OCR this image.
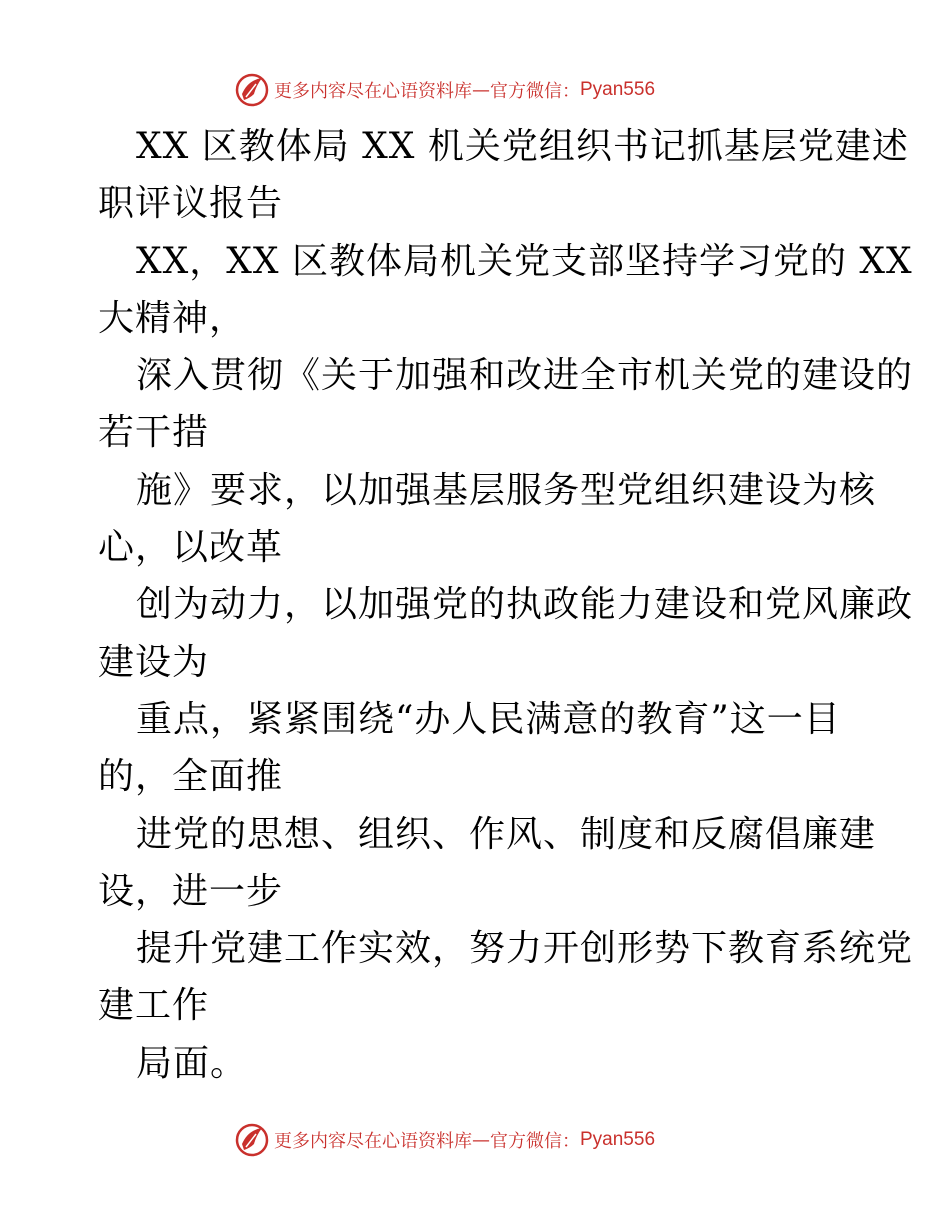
更多内容尽在心语资料库 — 官方微信： Pyan556
XX 区教体局 XX 机关党组织书记抓基层党建述
职评议报告
XX，XX 区教体局机关党支部坚持学习党的 XX
大精神，
深入贯彻《关于加强和改进全市机关党的建设的
若干措
施》要求，以加强基层服务型党组织建设为核
心，以改革
创为动力，以加强党的执政能力建设和党风廉政
建设为
重点，紧紧围绕“办人民满意的教育”这一目
的，全面推
进党的思想、组织、作风、制度和反腐倡廉建
设，进一步
提升党建工作实效，努力开创形势下教育系统党
建工作
局面。
更多内容尽在心语资料库 — 官方微信： Pyan556
